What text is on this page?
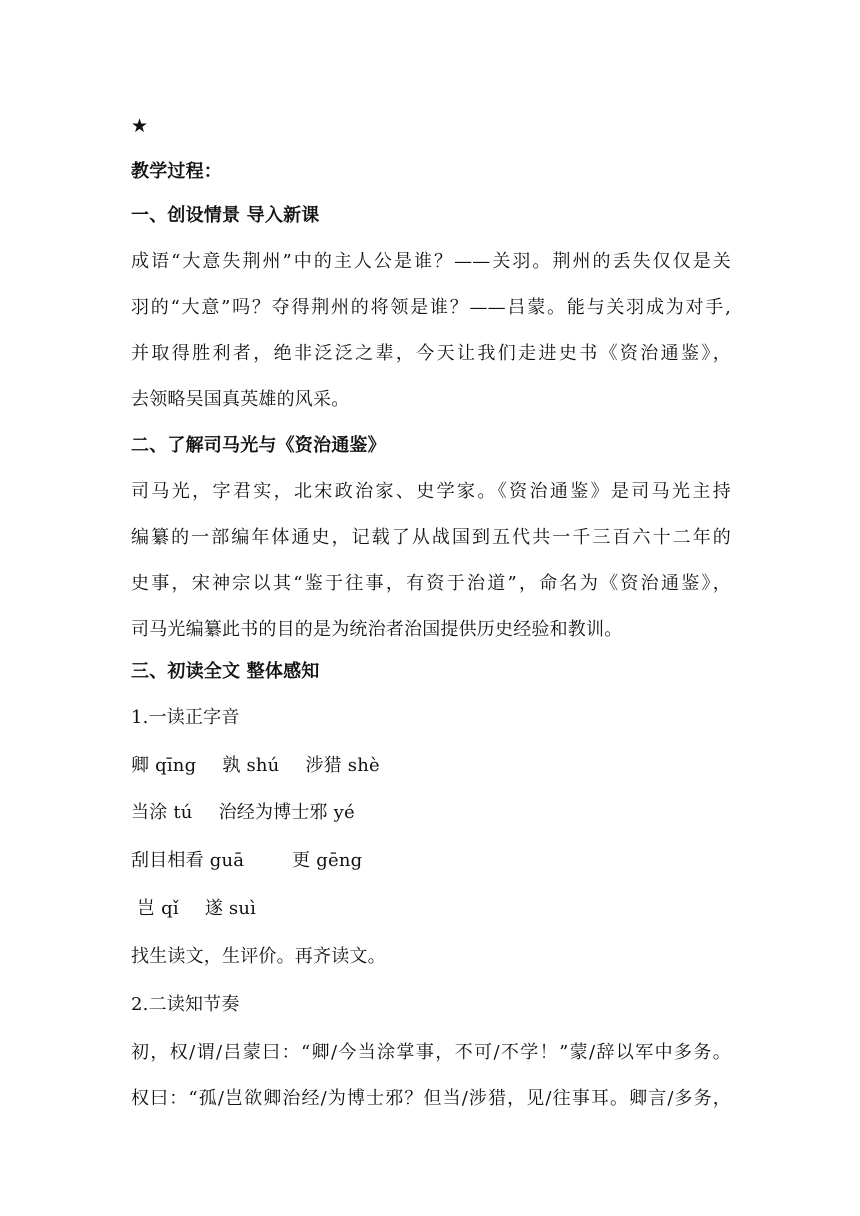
★
教学过程：
一、创设情景 导入新课
成语“大意失荆州”中的主人公是谁？——关羽。荆州的丢失仅仅是关
羽的“大意”吗？夺得荆州的将领是谁？——吕蒙。能与关羽成为对手,
并取得胜利者，绝非泛泛之辈，今天让我们走进史书《资治通鉴》，
去领略吴国真英雄的风采。
二、了解司马光与《资治通鉴》
司马光，字君实，北宋政治家、史学家。《资治通鉴》是司马光主持
编纂的一部编年体通史，记载了从战国到五代共一千三百六十二年的
史事，宋神宗以其“鉴于往事，有资于治道”，命名为《资治通鉴》，
司马光编纂此书的目的是为统治者治国提供历史经验和教训。
三、初读全文 整体感知
1.一读正字音
卿 qīng 孰 shú 涉猎 shè
当涂 tú 治经为博士邪 yé
刮目相看 guā	更 gēng
岂 qǐ 遂 suì
找生读文，生评价。再齐读文。
2.二读知节奏
初，权/谓/吕蒙曰：“卿/今当涂掌事，不可/不学！”蒙/辞以军中多务。
权曰：“孤/岂欲卿治经/为博士邪？但当/涉猎，见/往事耳。卿言/多务，
